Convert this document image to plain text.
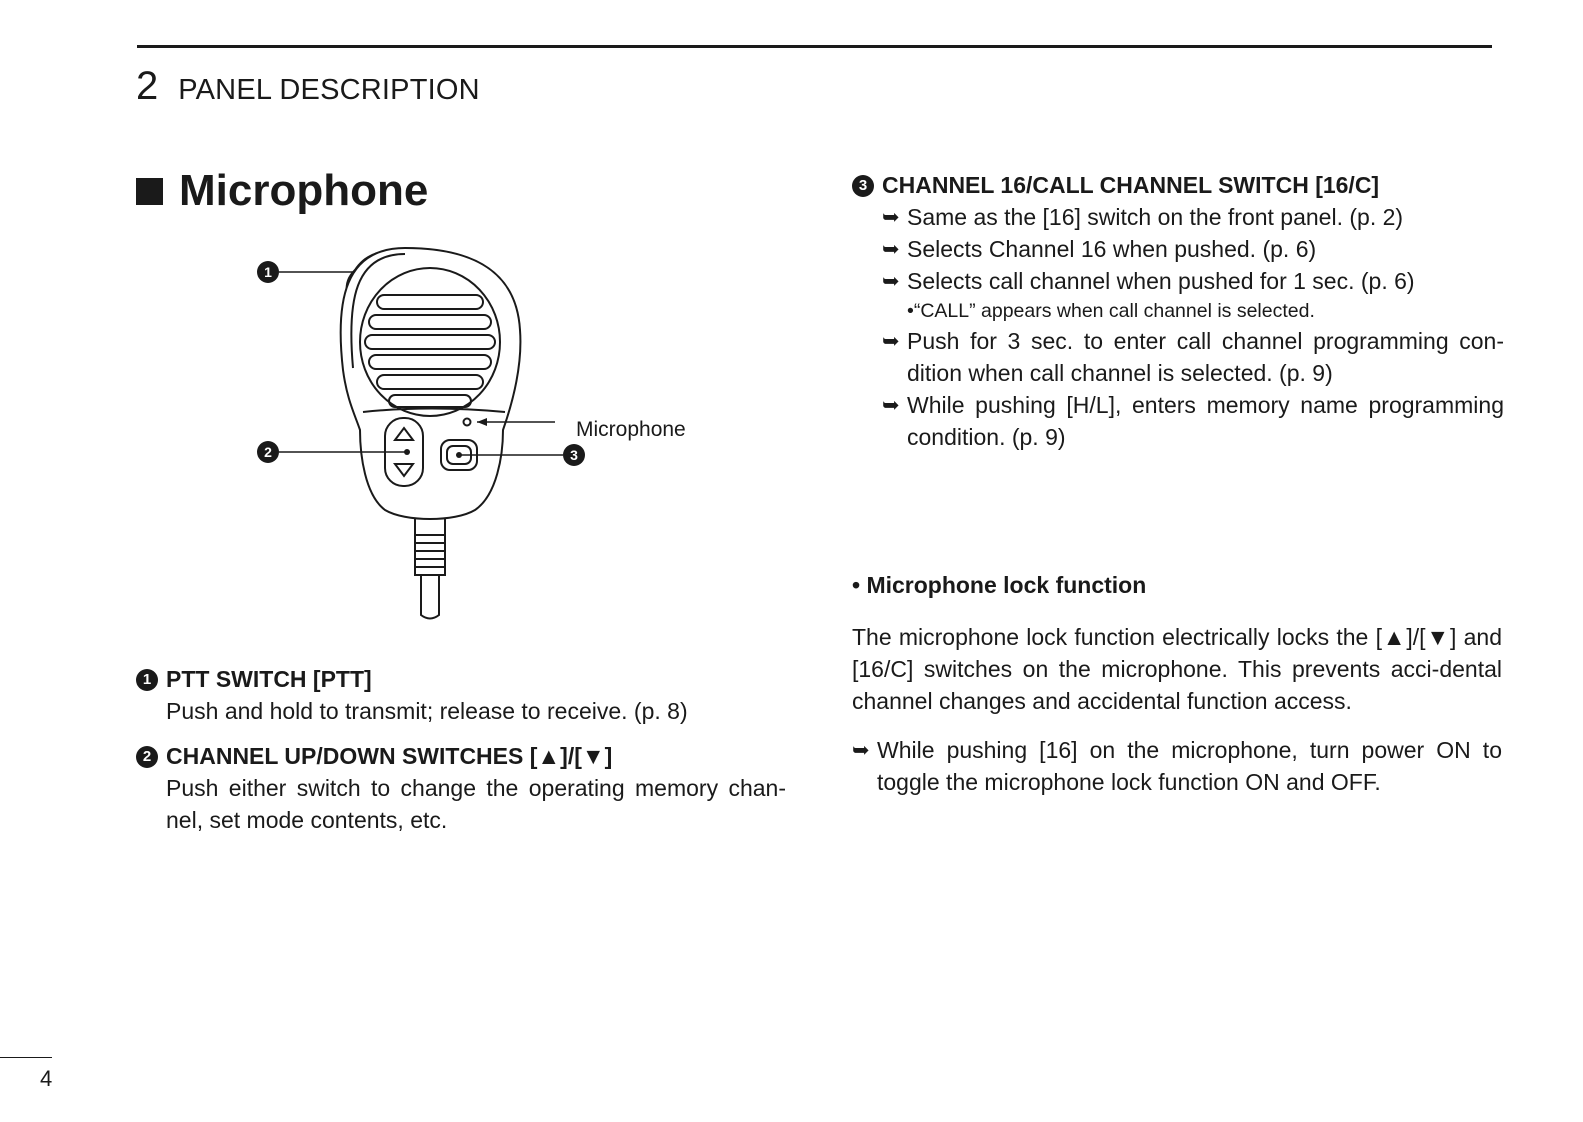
2 PANEL DESCRIPTION
Microphone
1
2	3
Microphone
1 PTT SWITCH [PTT]
Push and hold to transmit; release to receive. (p. 8)
2 CHANNEL UP/DOWN SWITCHES [▲]/[▼]
Push either switch to change the operating memory chan-nel, set mode contents, etc.
3 CHANNEL 16/CALL CHANNEL SWITCH [16/C]
➥ Same as the [16] switch on the front panel. (p. 2)
➥ Selects Channel 16 when pushed. (p. 6)
➥ Selects call channel when pushed for 1 sec. (p. 6)
•“CALL” appears when call channel is selected.
➥ Push for 3 sec. to enter call channel programming con-dition when call channel is selected. (p. 9)
➥ While pushing [H/L], enters memory name programming condition. (p. 9)
• Microphone lock function
The microphone lock function electrically locks the [▲]/[▼] and [16/C] switches on the microphone. This prevents acci-dental channel changes and accidental function access.
➥ While pushing [16] on the microphone, turn power ON to toggle the microphone lock function ON and OFF.
4
